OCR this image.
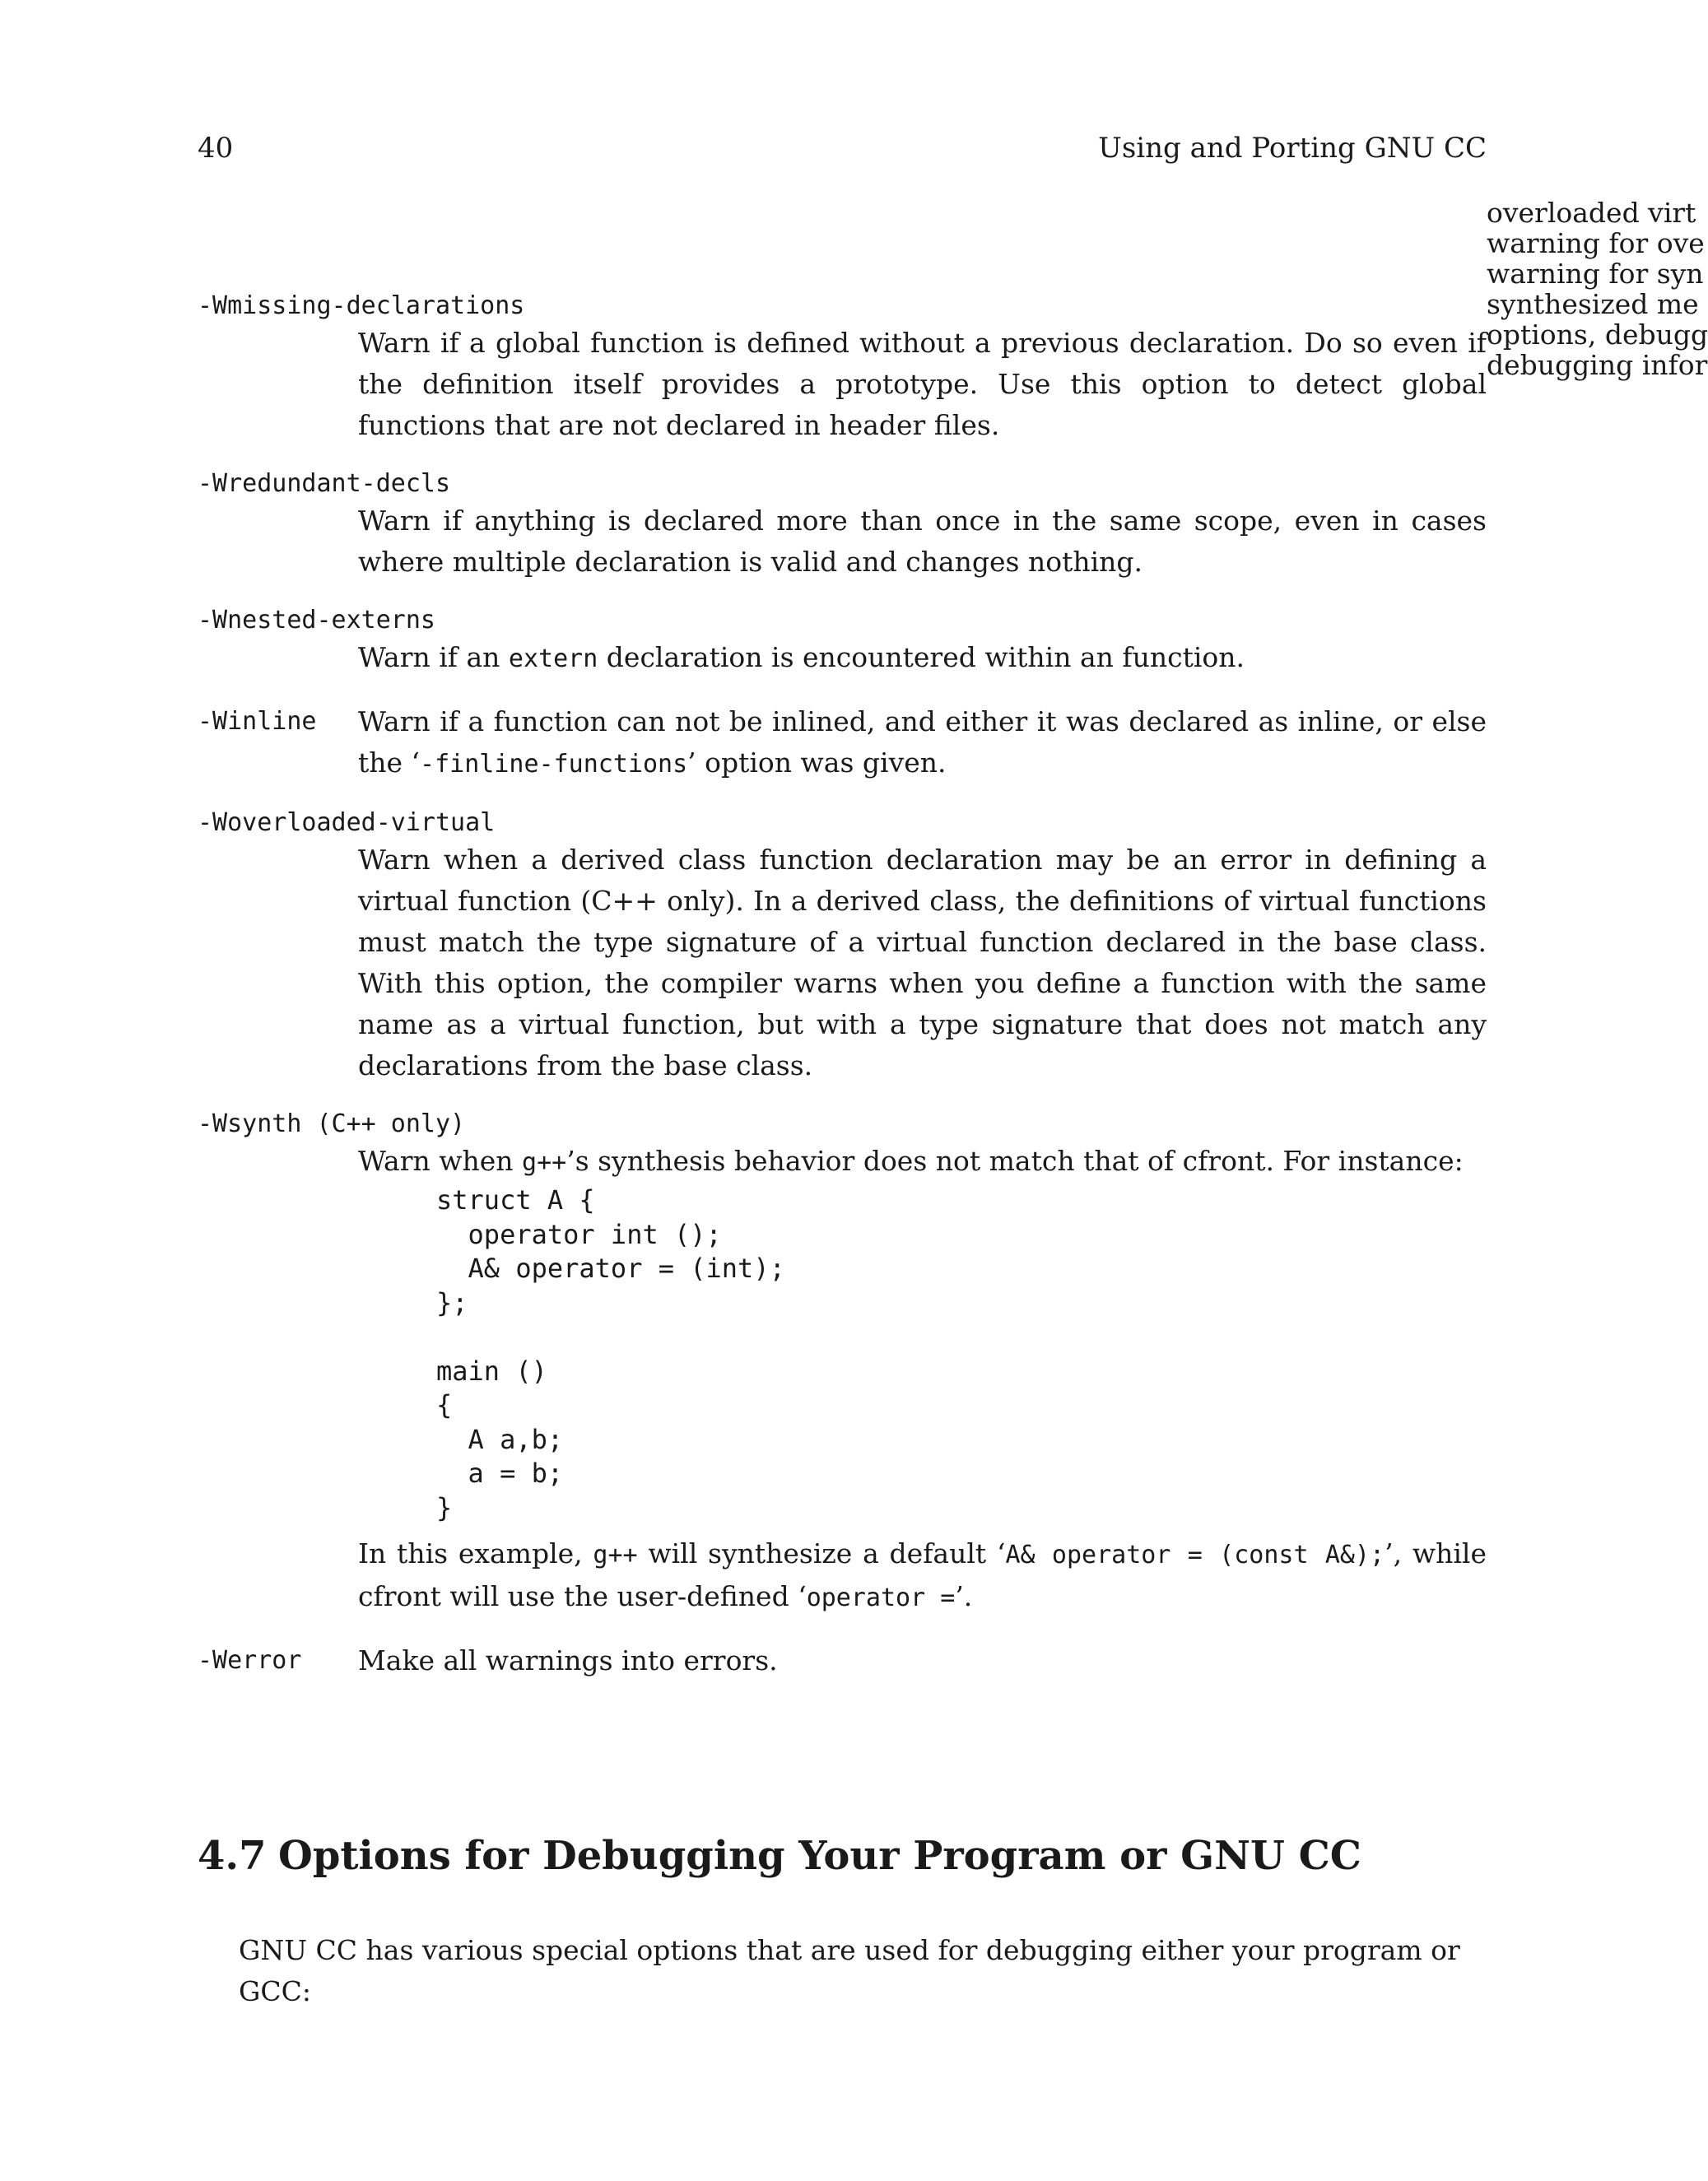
40	Using and Porting GNU CC
overloaded virt
warning for ove
warning for syn
synthesized me
options, debugg
debugging infor
-Wmissing-declarations
Warn if a global function is defined without a previous declaration. Do so even if the definition itself provides a prototype. Use this option to detect global functions that are not declared in header files.
-Wredundant-decls
Warn if anything is declared more than once in the same scope, even in cases where multiple declaration is valid and changes nothing.
-Wnested-externs
Warn if an extern declaration is encountered within an function.
-Winline	Warn if a function can not be inlined, and either it was declared as inline, or else the ‘-finline-functions’ option was given.
-Woverloaded-virtual
Warn when a derived class function declaration may be an error in defining a virtual function (C++ only). In a derived class, the definitions of virtual functions must match the type signature of a virtual function declared in the base class. With this option, the compiler warns when you define a function with the same name as a virtual function, but with a type signature that does not match any declarations from the base class.
-Wsynth (C++ only)
Warn when g++’s synthesis behavior does not match that of cfront. For instance:
struct A {
operator int ();
A& operator = (int);
};

main ()
{
A a,b;
a = b;
}
In this example, g++ will synthesize a default ‘A& operator = (const A&);’, while cfront will use the user-defined ‘operator =’.
-Werror	Make all warnings into errors.
4.7 Options for Debugging Your Program or GNU CC
GNU CC has various special options that are used for debugging either your program or GCC:
